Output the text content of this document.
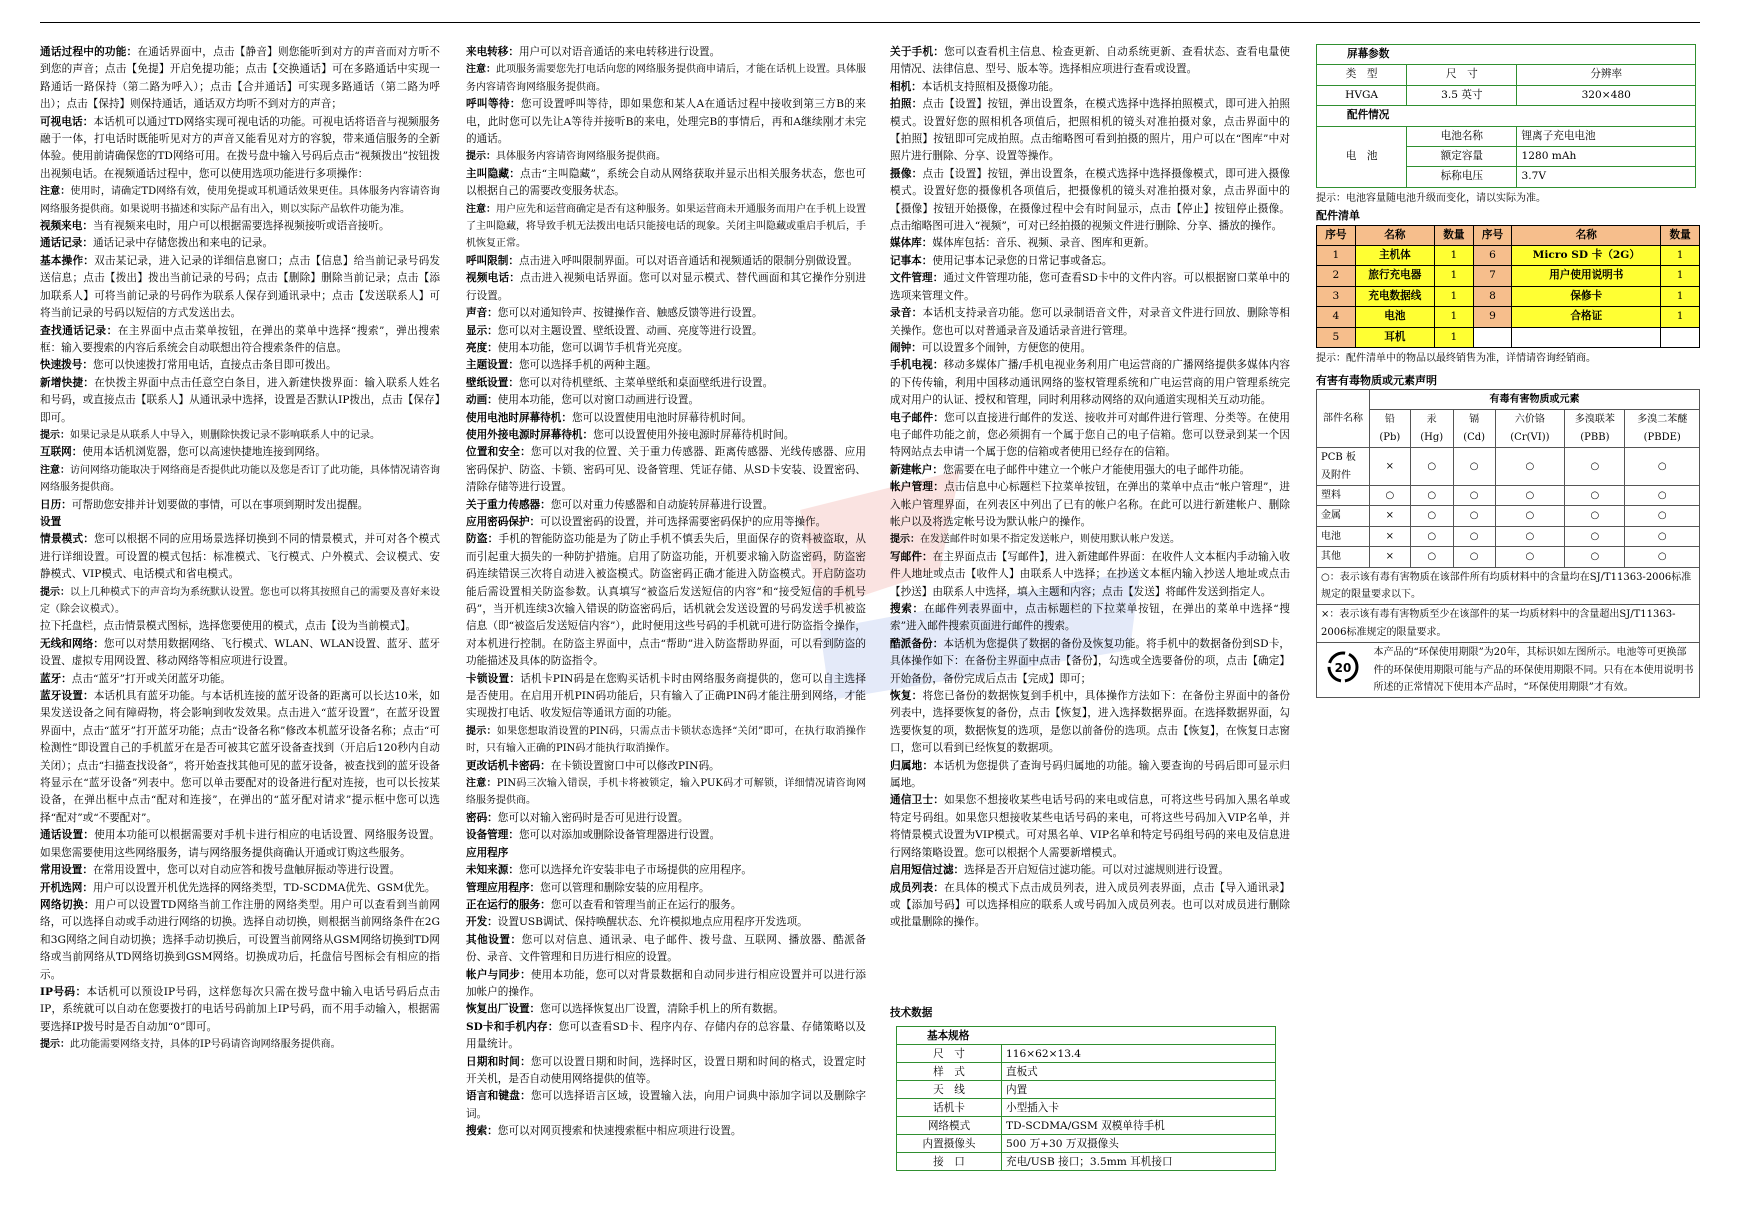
通话过程中的功能：在通话界面中，点击【静音】则您能听到对方的声音而对方听不到您的声音；点击【免提】开启免提功能；点击【交换通话】可在多路通话中实现一路通话一路保持（第二路为呼入）；点击【合并通话】可实现多路通话（第二路为呼出）；点击【保持】则保持通话，通话双方均听不到对方的声音；

可视电话：本话机可以通过TD网络实现可视电话的功能。可视电话将语音与视频服务融于一体，打电话时既能听见对方的声音又能看见对方的容貌，带来通信服务的全新体验。使用前请确保您的TD网络可用。在拨号盘中输入号码后点击“视频拨出”按钮拨出视频电话。在视频通话过程中，您可以使用选项功能进行多项操作：

注意：使用时，请确定TD网络有效，使用免提或耳机通话效果更佳。具体服务内容请咨询网络服务提供商。如果说明书描述和实际产品有出入，则以实际产品软件功能为准。

视频来电：当有视频来电时，用户可以根据需要选择视频接听或语音接听。

通话记录：通话记录中存储您拨出和来电的记录。

基本操作：双击某记录，进入记录的详细信息窗口；点击【信息】给当前记录号码发送信息；点击【拨出】拨出当前记录的号码；点击【删除】删除当前记录；点击【添加联系人】可将当前记录的号码作为联系人保存到通讯录中；点击【发送联系人】可将当前记录的号码以短信的方式发送出去。

查找通话记录：在主界面中点击菜单按钮，在弹出的菜单中选择“搜索”，弹出搜索框：输入要搜索的内容后系统会自动联想出符合搜索条件的信息。

快速拨号：您可以快速拨打常用电话，直接点击条目即可拨出。

新增快捷：在快拨主界面中点击任意空白条目，进入新建快拨界面：输入联系人姓名和号码，或直接点击【联系人】从通讯录中选择，设置是否默认IP拨出，点击【保存】即可。

提示：如果记录是从联系人中导入，则删除快拨记录不影响联系人中的记录。

互联网：使用本话机浏览器，您可以高速快捷地连接到网络。

注意：访问网络功能取决于网络商是否提供此功能以及您是否订了此功能，具体情况请咨询网络服务提供商。

日历：可帮助您安排并计划要做的事情，可以在事项到期时发出提醒。

设置

情景模式：您可以根据不同的应用场景选择切换到不同的情景模式，并可对各个模式进行详细设置。可设置的模式包括：标准模式、飞行模式、户外模式、会议模式、安静模式、VIP模式、电话模式和省电模式。

提示：以上几种模式下的声音均为系统默认设置。您也可以将其按照自己的需要及喜好来设定（除会议模式）。

拉下托盘栏，点击情景模式图标，选择您要使用的模式，点击【设为当前模式】。

无线和网络：您可以对禁用数据网络、飞行模式、WLAN、WLAN设置、蓝牙、蓝牙设置、虚拟专用网设置、移动网络等相应项进行设置。

蓝牙：点击“蓝牙”打开或关闭蓝牙功能。

蓝牙设置：本话机具有蓝牙功能。与本话机连接的蓝牙设备的距离可以长达10米，如果发送设备之间有障碍物，将会影响到收发效果。点击进入“蓝牙设置”，在蓝牙设置界面中，点击“蓝牙”打开蓝牙功能；点击“设备名称”修改本机蓝牙设备名称；点击“可检测性”即设置自己的手机蓝牙在是否可被其它蓝牙设备查找到（开启后120秒内自动关闭）；点击“扫描查找设备”，将开始查找其他可见的蓝牙设备，被查找到的蓝牙设备将显示在“蓝牙设备”列表中。您可以单击要配对的设备进行配对连接，也可以长按某设备，在弹出框中点击“配对和连接”，在弹出的“蓝牙配对请求”提示框中您可以选择“配对”或“不要配对”。

通话设置：使用本功能可以根据需要对手机卡进行相应的电话设置、网络服务设置。如果您需要使用这些网络服务，请与网络服务提供商确认开通或订购这些服务。

常用设置：在常用设置中，您可以对自动应答和拨号盘触屏振动等进行设置。

开机选网：用户可以设置开机优先选择的网络类型，TD-SCDMA优先、GSM优先。

网络切换：用户可以设置TD网络当前工作注册的网络类型。用户可以查看到当前网络，可以选择自动或手动进行网络的切换。选择自动切换，则根据当前网络条件在2G和3G网络之间自动切换；选择手动切换后，可设置当前网络从GSM网络切换到TD网络或当前网络从TD网络切换到GSM网络。切换成功后，托盘信号图标会有相应的指示。

IP号码：本话机可以预设IP号码，这样您每次只需在拨号盘中输入电话号码后点击IP，系统就可以自动在您要拨打的电话号码前加上IP号码，而不用手动输入，根据需要选择IP拨号时是否自动加“0”即可。

提示：此功能需要网络支持，具体的IP号码请咨询网络服务提供商。

来电转移：用户可以对语音通话的来电转移进行设置。

注意：此项服务需要您先打电话向您的网络服务提供商申请后，才能在话机上设置。具体服务内容请咨询网络服务提供商。

呼叫等待：您可设置呼叫等待，即如果您和某人A在通话过程中接收到第三方B的来电，此时您可以先让A等待并接听B的来电，处理完B的事情后，再和A继续刚才未完的通话。

提示：具体服务内容请咨询网络服务提供商。

主叫隐藏：点击“主叫隐藏”，系统会自动从网络获取并显示出相关服务状态，您也可以根据自己的需要改变服务状态。

注意：用户应先和运营商确定是否有这种服务。如果运营商未开通服务而用户在手机上设置了主叫隐藏，将导致手机无法拨出电话只能接电话的现象。关闭主叫隐藏或重启手机后，手机恢复正常。

呼叫限制：点击进入呼叫限制界面。可以对语音通话和视频通话的限制分别做设置。

视频电话：点击进入视频电话界面。您可以对显示模式、替代画面和其它操作分别进行设置。

声音：您可以对通知铃声、按键操作音、触感反馈等进行设置。

显示：您可以对主题设置、壁纸设置、动画、亮度等进行设置。

亮度：使用本功能，您可以调节手机背光亮度。

主题设置：您可以选择手机的两种主题。

壁纸设置：您可以对待机壁纸、主菜单壁纸和桌面壁纸进行设置。

动画：使用本功能，您可以对窗口动画进行设置。

使用电池时屏幕待机：您可以设置使用电池时屏幕待机时间。

使用外接电源时屏幕待机：您可以设置使用外接电源时屏幕待机时间。

位置和安全：您可以对我的位置、关于重力传感器、距离传感器、光线传感器、应用密码保护、防盗、卡锁、密码可见、设备管理、凭证存储、从SD卡安装、设置密码、清除存储等进行设置。

关于重力传感器：您可以对重力传感器和自动旋转屏幕进行设置。

应用密码保护：可以设置密码的设置，并可选择需要密码保护的应用等操作。

防盗：手机的智能防盗功能是为了防止手机不慎丢失后，里面保存的资料被盗取，从而引起重大损失的一种防护措施。启用了防盗功能，开机要求输入防盗密码，防盗密码连续错误三次将自动进入被盗模式。防盗密码正确才能进入防盗模式。开启防盗功能后需设置相关防盗参数。认真填写“被盗后发送短信的内容”和“接受短信的手机号码”，当开机连续3次输入错误的防盗密码后，话机就会发送设置的号码发送手机被盗信息（即“被盗后发送短信内容”），此时便用这些号码的手机就可进行防盗指令操作，对本机进行控制。在防盗主界面中，点击“帮助”进入防盗帮助界面，可以看到防盗的功能描述及具体的防盗指令。

卡锁设置：话机卡PIN码是在您购买话机卡时由网络服务商提供的，您可以自主选择是否使用。在启用开机PIN码功能后，只有输入了正确PIN码才能注册到网络，才能实现拨打电话、收发短信等通讯方面的功能。

提示：如果您想取消设置的PIN码，只需点击卡锁状态选择“关闭”即可，在执行取消操作时，只有输入正确的PIN码才能执行取消操作。

更改话机卡密码：在卡锁设置窗口中可以修改PIN码。

注意：PIN码三次输入错误，手机卡将被锁定，输入PUK码才可解锁，详细情况请咨询网络服务提供商。

密码：您可以对输入密码时是否可见进行设置。

设备管理：您可以对添加或删除设备管理器进行设置。

应用程序

未知来源：您可以选择允许安装非电子市场提供的应用程序。

管理应用程序：您可以管理和删除安装的应用程序。

正在运行的服务：您可以查看和管理当前正在运行的服务。

开发：设置USB调试、保持唤醒状态、允许模拟地点应用程序开发选项。

其他设置：您可以对信息、通讯录、电子邮件、拨号盘、互联网、播放器、酷派备份、录音、文件管理和日历进行相应的设置。

帐户与同步：使用本功能，您可以对背景数据和自动同步进行相应设置并可以进行添加帐户的操作。

恢复出厂设置：您可以选择恢复出厂设置，清除手机上的所有数据。

SD卡和手机内存：您可以查看SD卡、程序内存、存储内存的总容量、存储策略以及用量统计。

日期和时间：您可以设置日期和时间，选择时区，设置日期和时间的格式，设置定时开关机，是否自动使用网络提供的值等。

语言和键盘：您可以选择语言区域，设置输入法，向用户词典中添加字词以及删除字词。

搜索：您可以对网页搜索和快速搜索框中相应项进行设置。

关于手机：您可以查看机主信息、检查更新、自动系统更新、查看状态、查看电量使用情况、法律信息、型号、版本等。选择相应项进行查看或设置。

相机：本话机支持照相及摄像功能。

拍照：点击【设置】按钮，弹出设置条，在模式选择中选择拍照模式，即可进入拍照模式。设置好您的照相机各项值后，把照相机的镜头对准拍摄对象，点击界面中的【拍照】按钮即可完成拍照。点击缩略图可看到拍摄的照片，用户可以在“图库”中对照片进行删除、分享、设置等操作。

摄像：点击【设置】按钮，弹出设置条，在模式选择中选择摄像模式，即可进入摄像模式。设置好您的摄像机各项值后，把摄像机的镜头对准拍摄对象，点击界面中的【摄像】按钮开始摄像，在摄像过程中会有时间显示，点击【停止】按钮停止摄像。点击缩略图可进入“视频”，可对已经拍摄的视频文件进行删除、分享、播放的操作。

媒体库：媒体库包括：音乐、视频、录音、图库和更新。

记事本：使用记事本记录您的日常记事或备忘。

文件管理：通过文件管理功能，您可查看SD卡中的文件内容。可以根据窗口菜单中的选项来管理文件。

录音：本话机支持录音功能。您可以录制语音文件，对录音文件进行回放、删除等相关操作。您也可以对普通录音及通话录音进行管理。

闹钟：可以设置多个闹钟，方便您的使用。

手机电视：移动多媒体广播/手机电视业务利用广电运营商的广播网络提供多媒体内容的下传传输，利用中国移动通讯网络的鉴权管理系统和广电运营商的用户管理系统完成对用户的认证、授权和管理，同时利用移动网络的双向通道实现相关互动功能。

电子邮件：您可以直接进行邮件的发送、接收并可对邮件进行管理、分类等。在使用电子邮件功能之前，您必须拥有一个属于您自己的电子信箱。您可以登录到某一个因特网站点去申请一个属于您的信箱或者使用已经存在的信箱。

新建帐户：您需要在电子邮件中建立一个帐户才能使用强大的电子邮件功能。

帐户管理：点击信息中心标题栏下拉菜单按钮，在弹出的菜单中点击“帐户管理”，进入帐户管理界面，在列表区中列出了已有的帐户名称。在此可以进行新建帐户、删除帐户以及将选定帐号设为默认帐户的操作。

提示：在发送邮件时如果不指定发送帐户，则使用默认帐户发送。

写邮件：在主界面点击【写邮件】，进入新建邮件界面：在收件人文本框内手动输入收件人地址或点击【收件人】由联系人中选择；在抄送文本框内输入抄送人地址或点击【抄送】由联系人中选择，填入主题和内容；点击【发送】将邮件发送到指定人。

搜索：在邮件列表界面中，点击标题栏的下拉菜单按钮，在弹出的菜单中选择“搜索”进入邮件搜索页面进行邮件的搜索。

酷派备份：本话机为您提供了数据的备份及恢复功能。将手机中的数据备份到SD卡，具体操作如下：在备份主界面中点击【备份】，勾选或全选要备份的项，点击【确定】开始备份，备份完成后点击【完成】即可；

恢复：将您已备份的数据恢复到手机中，具体操作方法如下：在备份主界面中的备份列表中，选择要恢复的备份，点击【恢复】，进入选择数据界面。在选择数据界面，勾选要恢复的项，数据恢复的选项，是您以前备份的选项。点击【恢复】，在恢复日志窗口，您可以看到已经恢复的数据项。

归属地：本话机为您提供了查询号码归属地的功能。输入要查询的号码后即可显示归属地。

通信卫士：如果您不想接收某些电话号码的来电或信息，可将这些号码加入黑名单或特定号码组。如果您只想接收某些电话号码的来电，可将这些号码加入VIP名单，并将情景模式设置为VIP模式。可对黑名单、VIP名单和特定号码组号码的来电及信息进行网络策略设置。您可以根据个人需要新增模式。

启用短信过滤：选择是否开启短信过滤功能。可以对过滤规则进行设置。

成员列表：在具体的模式下点击成员列表，进入成员列表界面，点击【导入通讯录】或【添加号码】可以选择相应的联系人或号码加入成员列表。也可以对成员进行删除或批量删除的操作。

技术数据
基本规格	
尺　寸	116×62×13.4
样　式	直板式
天　线	内置
话机卡	小型插入卡
网络模式	TD-SCDMA/GSM 双模单待手机
内置摄像头	500 万+30 万双摄像头
接　口	充电/USB 接口；3.5mm 耳机接口
屏幕参数		
类　型	尺　寸	分辨率
HVGA	3.5 英寸	320×480
配件情况		
电　池	电池名称	锂离子充电电池
	额定容量	1280 mAh
	标称电压	3.7V
提示：电池容量随电池升级而变化，请以实际为准。
配件清单
序号	名称	数量	序号	名称	数量
1	主机体	1	6	Micro SD 卡（2G）	1
2	旅行充电器	1	7	用户使用说明书	1
3	充电数据线	1	8	保修卡	1
4	电池	1	9	合格证	1
5	耳机	1			
提示：配件清单中的物品以最终销售为准，详情请咨询经销商。
有害有毒物质或元素声明
部件名称	有毒有害物质或元素					
	铅 (Pb)	汞 (Hg)	镉 (Cd)	六价铬 (Cr(VI))	多溴联苯(PBB)	多溴二苯醚 (PBDE)
PCB 板及附件	×	○	○	○	○	○
塑料	○	○	○	○	○	○
金属	×	○	○	○	○	○
电池	×	○	○	○	○	○
其他	×	○	○	○	○	○
○：表示该有毒有害物质在该部件所有均质材料中的含量均在SJ/T11363-2006标准规定的限量要求以下。						
×：表示该有毒有害物质至少在该部件的某一均质材料中的含量超出SJ/T11363-2006标准规定的限量要求。						

20	本产品的“环保使用期限”为20年，其标识如左图所示。电池等可更换部件的环保使用期限可能与产品的环保使用期限不同。只有在本使用说明书所述的正常情况下使用本产品时，“环保使用期限”才有效。					
